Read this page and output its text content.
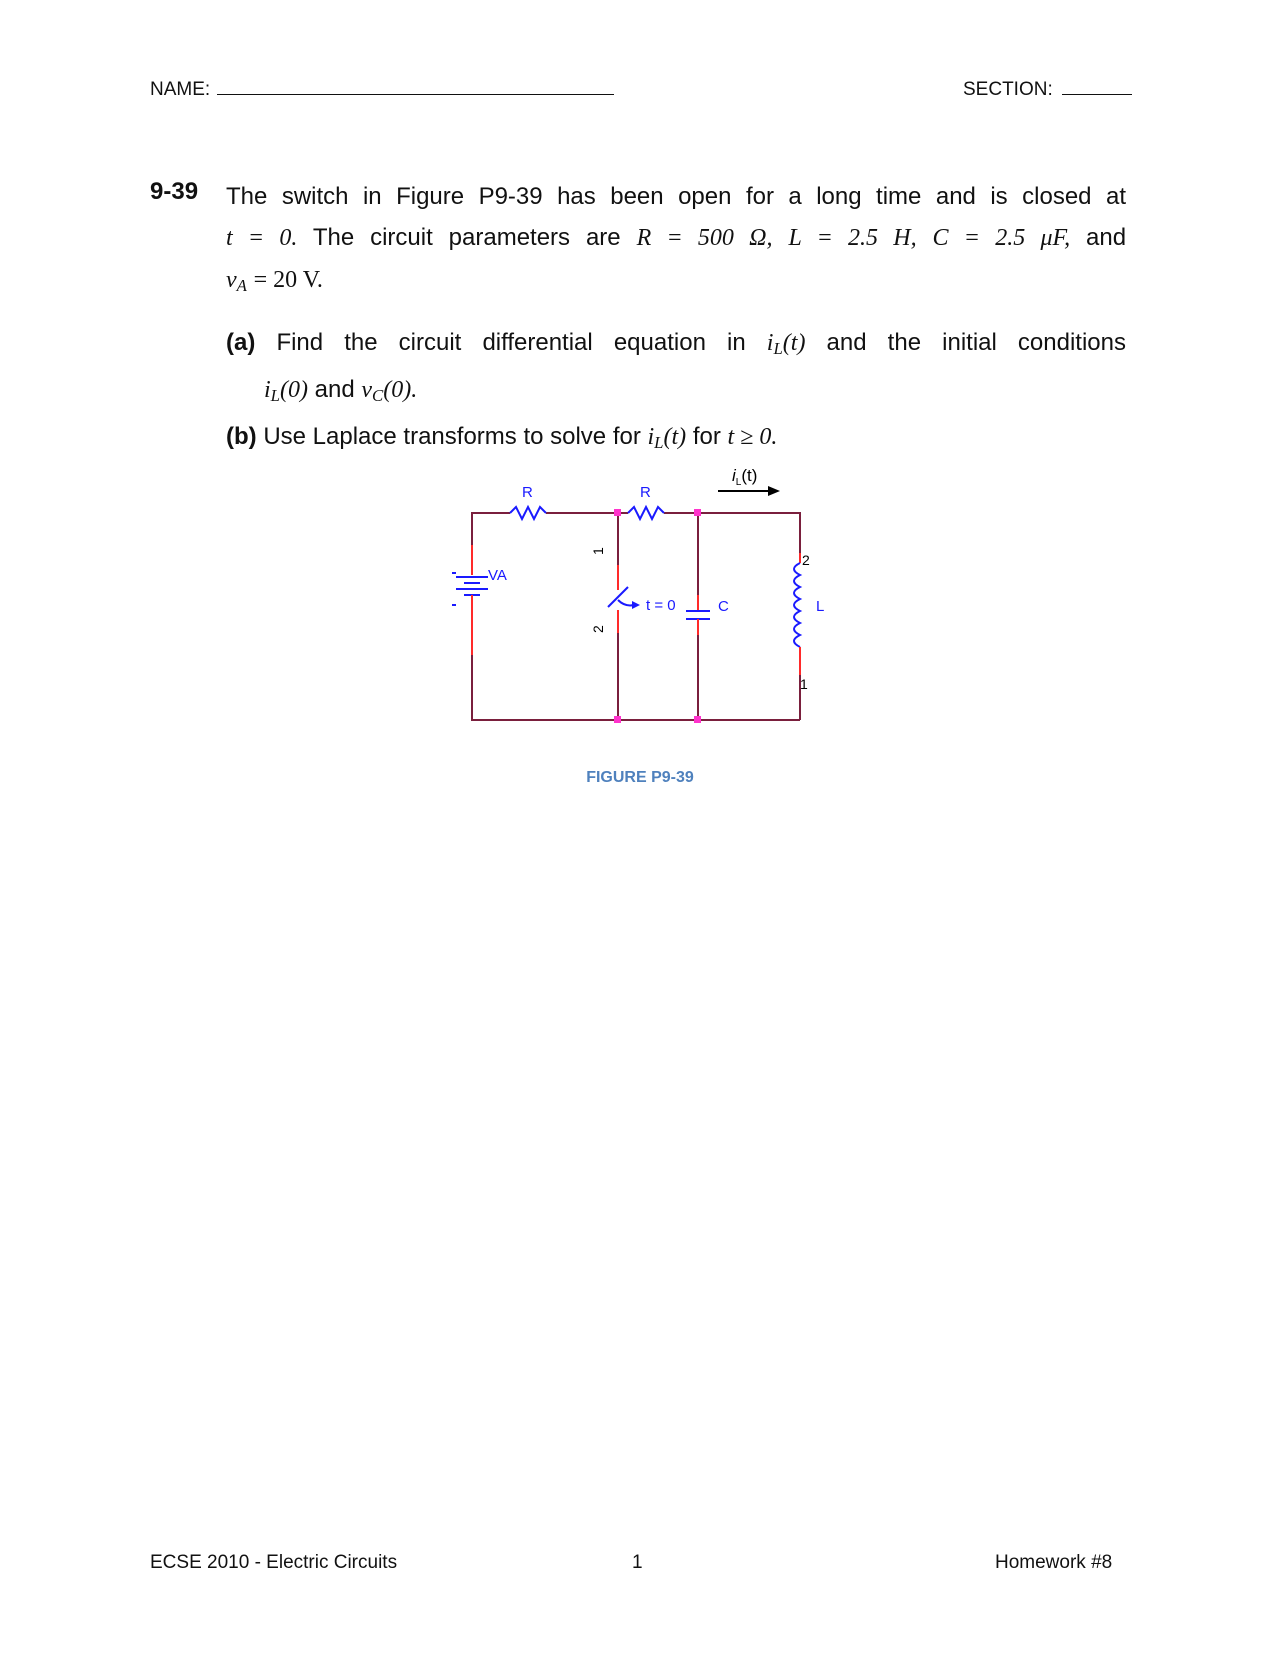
NAME:	SECTION:
9-39 The switch in Figure P9-39 has been open for a long time and is closed at
t = 0. The circuit parameters are R = 500 Ω, L = 2.5 H, C = 2.5 μF, and
$v_A = 20$ V.
(a) Find the circuit differential equation in $i_L(t)$ and the initial conditions
$i_L(0)$ and $v_C(0)$.
(b) Use Laplace transforms to solve for $i_L(t)$ for t ≥ 0.
R	R
$i_L(t)$
VA
1
2
t = 0	C	L
2
1
FIGURE P9-39
ECSE 2010 - Electric Circuits	1	Homework #8
